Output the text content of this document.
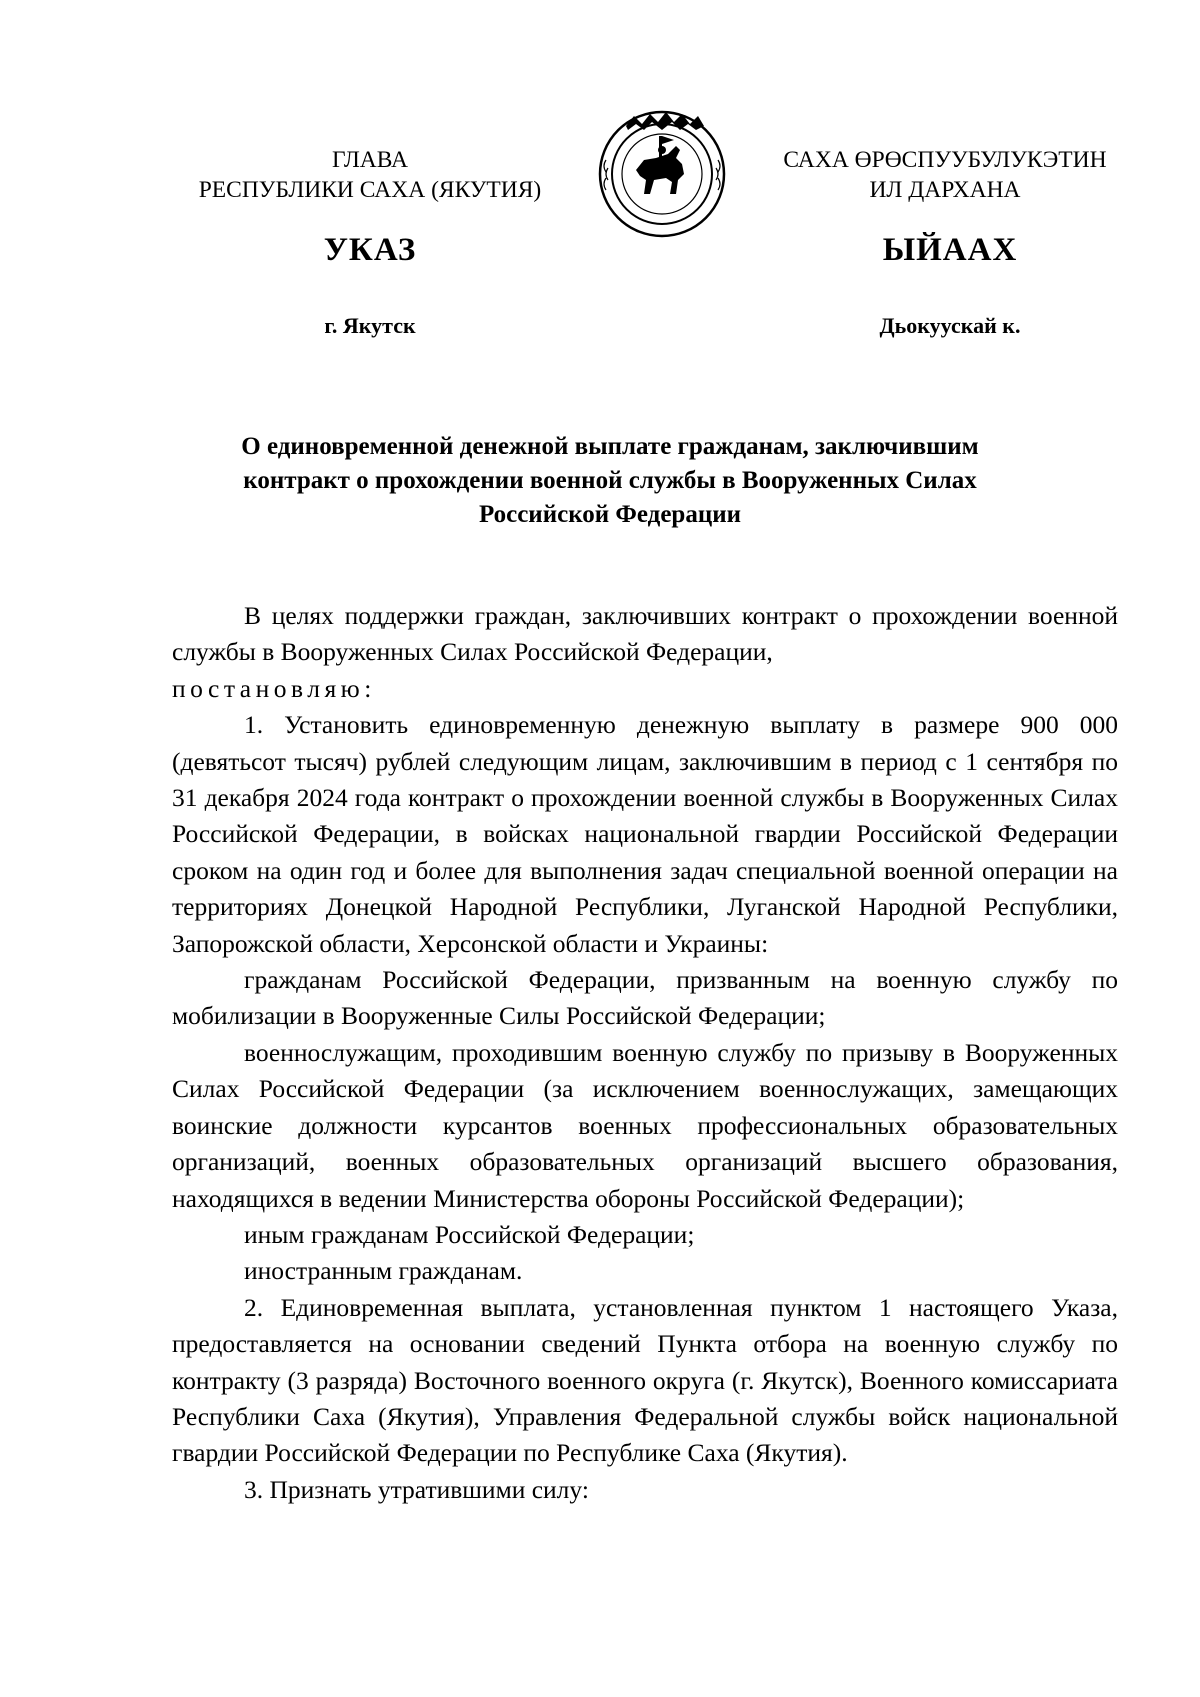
ГЛАВА
РЕСПУБЛИКИ САХА (ЯКУТИЯ)
САХА ӨРӨСПУУБУЛУКЭТИН
ИЛ ДАРХАНА
УКАЗ	ЫЙААХ
г. Якутск	Дьокуускай к.
О единовременной денежной выплате гражданам, заключившим
контракт о прохождении военной службы в Вооруженных Силах
Российской Федерации

В целях поддержки граждан, заключивших контракт о прохождении военной службы в Вооруженных Силах Российской Федерации,

постановляю:

1. Установить единовременную денежную выплату в размере 900 000 (девятьсот тысяч) рублей следующим лицам, заключившим в период с 1 сентября по 31 декабря 2024 года контракт о прохождении военной службы в Вооруженных Силах Российской Федерации, в войсках национальной гвардии Российской Федерации сроком на один год и более для выполнения задач специальной военной операции на территориях Донецкой Народной Республики, Луганской Народной Республики, Запорожской области, Херсонской области и Украины:

гражданам Российской Федерации, призванным на военную службу по мобилизации в Вооруженные Силы Российской Федерации;

военнослужащим, проходившим военную службу по призыву в Вооруженных Силах Российской Федерации (за исключением военнослужащих, замещающих воинские должности курсантов военных профессиональных образовательных организаций, военных образовательных организаций высшего образования, находящихся в ведении Министерства обороны Российской Федерации);

иным гражданам Российской Федерации;

иностранным гражданам.

2. Единовременная выплата, установленная пунктом 1 настоящего Указа, предоставляется на основании сведений Пункта отбора на военную службу по контракту (3 разряда) Восточного военного округа (г. Якутск), Военного комиссариата Республики Саха (Якутия), Управления Федеральной службы войск национальной гвардии Российской Федерации по Республике Саха (Якутия).

3. Признать утратившими силу:
